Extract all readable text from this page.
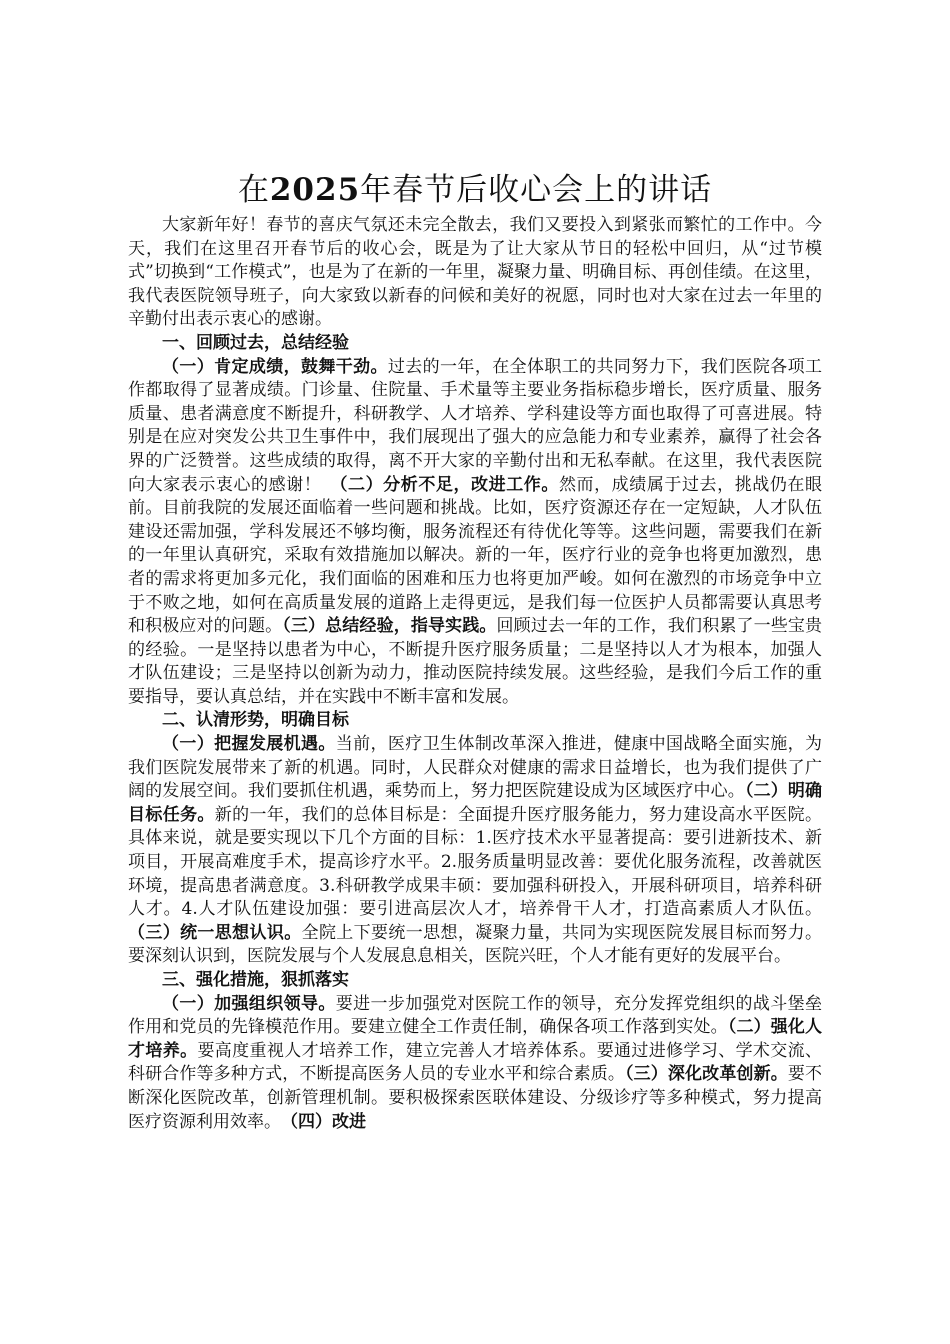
在2025年春节后收心会上的讲话

大家新年好！春节的喜庆气氛还未完全散去，我们又要投入到紧张而繁忙的工作中。今天，我们在这里召开春节后的收心会，既是为了让大家从节日的轻松中回归，从“过节模式”切换到“工作模式”，也是为了在新的一年里，凝聚力量、明确目标、再创佳绩。在这里，我代表医院领导班子，向大家致以新春的问候和美好的祝愿，同时也对大家在过去一年里的辛勤付出表示衷心的感谢。

一、回顾过去，总结经验

（一）肯定成绩，鼓舞干劲。过去的一年，在全体职工的共同努力下，我们医院各项工作都取得了显著成绩。门诊量、住院量、手术量等主要业务指标稳步增长，医疗质量、服务质量、患者满意度不断提升，科研教学、人才培养、学科建设等方面也取得了可喜进展。特别是在应对突发公共卫生事件中，我们展现出了强大的应急能力和专业素养，赢得了社会各界的广泛赞誉。这些成绩的取得，离不开大家的辛勤付出和无私奉献。在这里，我代表医院向大家表示衷心的感谢！　（二）分析不足，改进工作。然而，成绩属于过去，挑战仍在眼前。目前我院的发展还面临着一些问题和挑战。比如，医疗资源还存在一定短缺，人才队伍建设还需加强，学科发展还不够均衡，服务流程还有待优化等等。这些问题，需要我们在新的一年里认真研究，采取有效措施加以解决。新的一年，医疗行业的竞争也将更加激烈，患者的需求将更加多元化，我们面临的困难和压力也将更加严峻。如何在激烈的市场竞争中立于不败之地，如何在高质量发展的道路上走得更远，是我们每一位医护人员都需要认真思考和积极应对的问题。（三）总结经验，指导实践。回顾过去一年的工作，我们积累了一些宝贵的经验。一是坚持以患者为中心，不断提升医疗服务质量；二是坚持以人才为根本，加强人才队伍建设；三是坚持以创新为动力，推动医院持续发展。这些经验，是我们今后工作的重要指导，要认真总结，并在实践中不断丰富和发展。

二、认清形势，明确目标

（一）把握发展机遇。当前，医疗卫生体制改革深入推进，健康中国战略全面实施，为我们医院发展带来了新的机遇。同时，人民群众对健康的需求日益增长，也为我们提供了广阔的发展空间。我们要抓住机遇，乘势而上，努力把医院建设成为区域医疗中心。（二）明确目标任务。新的一年，我们的总体目标是：全面提升医疗服务能力，努力建设高水平医院。具体来说，就是要实现以下几个方面的目标：1.医疗技术水平显著提高：要引进新技术、新项目，开展高难度手术，提高诊疗水平。2.服务质量明显改善：要优化服务流程，改善就医环境，提高患者满意度。3.科研教学成果丰硕：要加强科研投入，开展科研项目，培养科研人才。4.人才队伍建设加强：要引进高层次人才，培养骨干人才，打造高素质人才队伍。（三）统一思想认识。全院上下要统一思想，凝聚力量，共同为实现医院发展目标而努力。要深刻认识到，医院发展与个人发展息息相关，医院兴旺，个人才能有更好的发展平台。

三、强化措施，狠抓落实

（一）加强组织领导。要进一步加强党对医院工作的领导，充分发挥党组织的战斗堡垒作用和党员的先锋模范作用。要建立健全工作责任制，确保各项工作落到实处。（二）强化人才培养。要高度重视人才培养工作，建立完善人才培养体系。要通过进修学习、学术交流、科研合作等多种方式，不断提高医务人员的专业水平和综合素质。（三）深化改革创新。要不断深化医院改革，创新管理机制。要积极探索医联体建设、分级诊疗等多种模式，努力提高医疗资源利用效率。　（四）改进
